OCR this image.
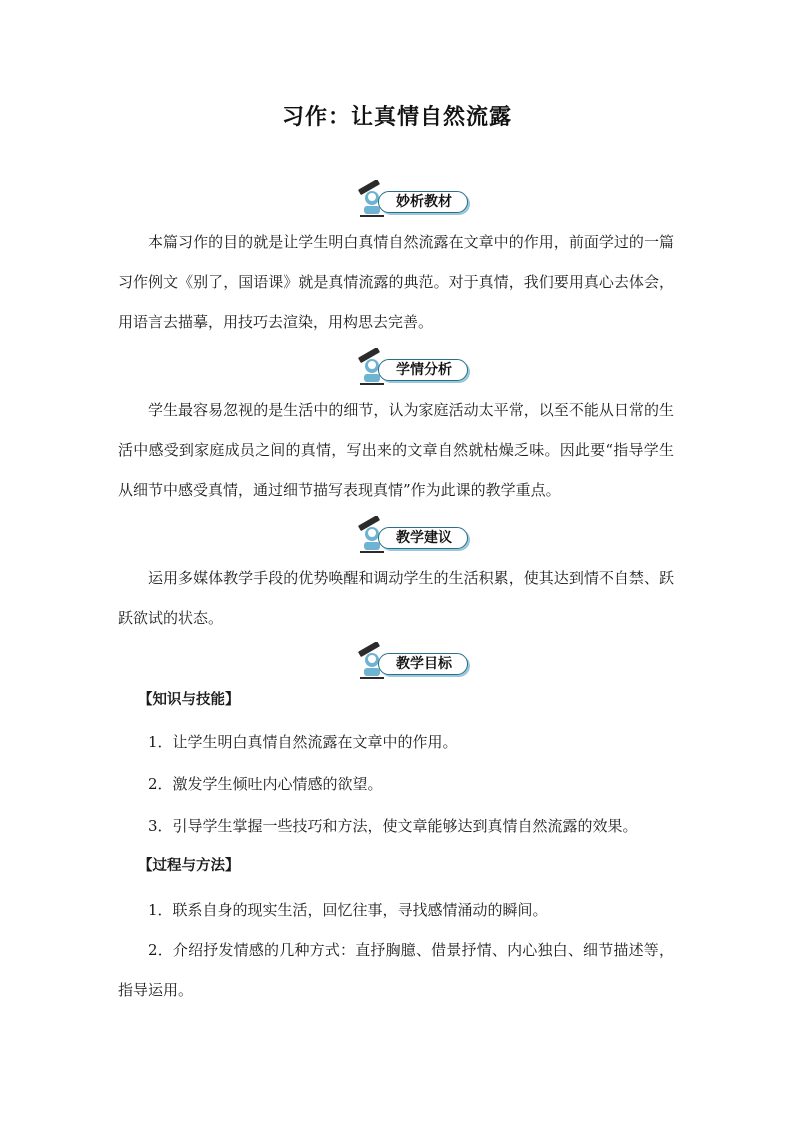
习作：让真情自然流露
妙析教材

本篇习作的目的就是让学生明白真情自然流露在文章中的作用，前面学过的一篇习作例文《别了，国语课》就是真情流露的典范。对于真情，我们要用真心去体会，用语言去描摹，用技巧去渲染，用构思去完善。

学情分析

学生最容易忽视的是生活中的细节，认为家庭活动太平常，以至不能从日常的生活中感受到家庭成员之间的真情，写出来的文章自然就枯燥乏味。因此要“指导学生从细节中感受真情，通过细节描写表现真情”作为此课的教学重点。

教学建议

运用多媒体教学手段的优势唤醒和调动学生的生活积累，使其达到情不自禁、跃跃欲试的状态。

教学目标

【知识与技能】

1．让学生明白真情自然流露在文章中的作用。

2．激发学生倾吐内心情感的欲望。

3．引导学生掌握一些技巧和方法，使文章能够达到真情自然流露的效果。

【过程与方法】

1．联系自身的现实生活，回忆往事，寻找感情涌动的瞬间。

2．介绍抒发情感的几种方式：直抒胸臆、借景抒情、内心独白、细节描述等，指导运用。
